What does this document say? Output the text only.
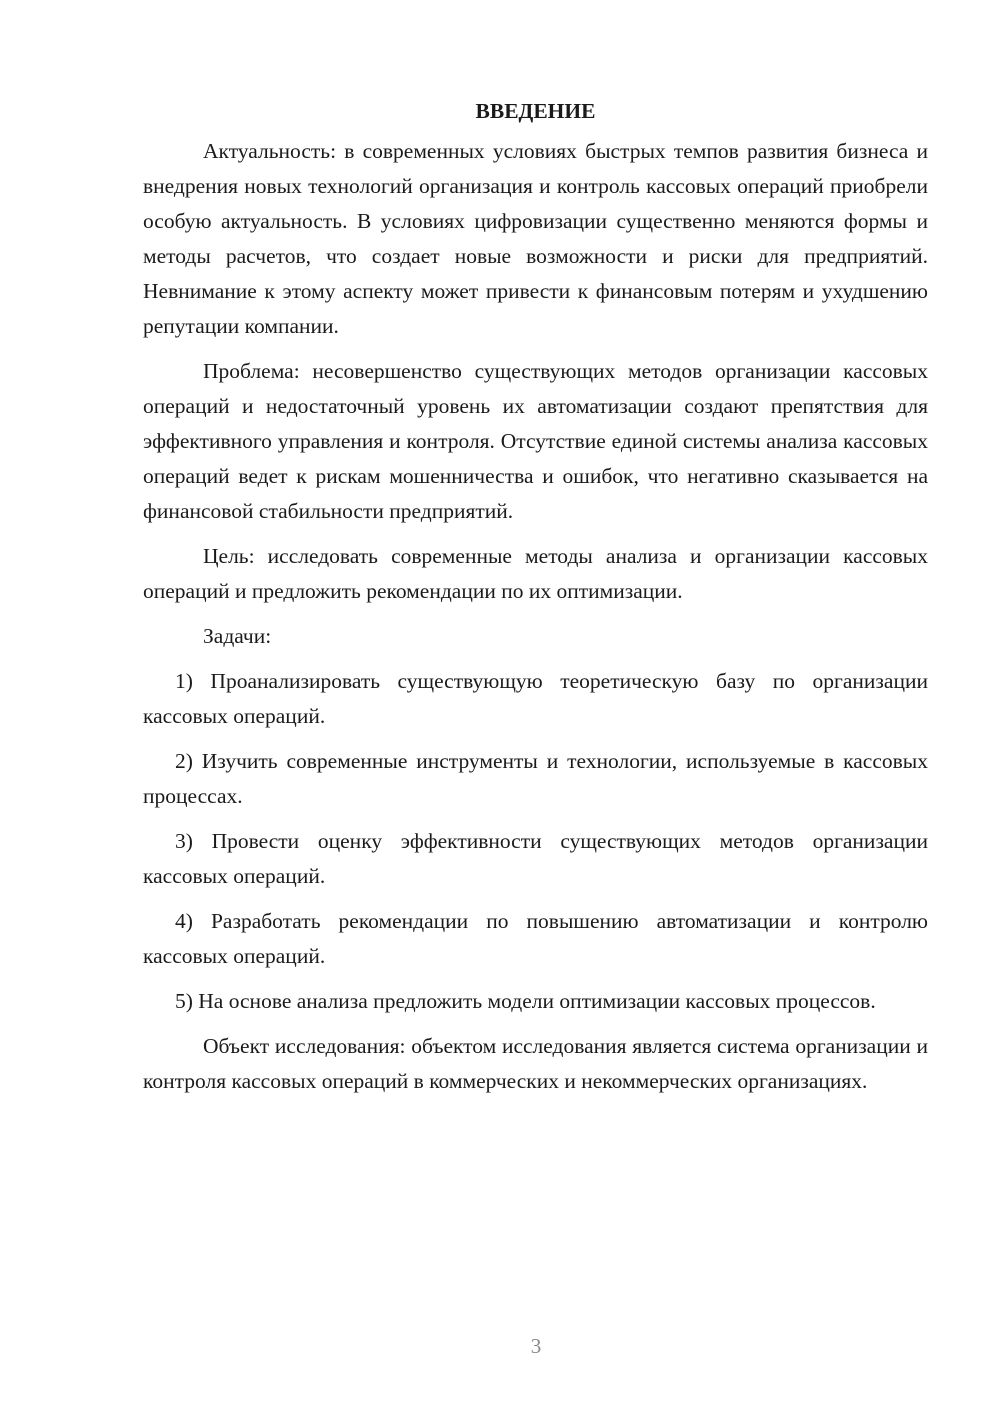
ВВЕДЕНИЕ

Актуальность: в современных условиях быстрых темпов развития бизнеса и внедрения новых технологий организация и контроль кассовых операций приобрели особую актуальность. В условиях цифровизации существенно меняются формы и методы расчетов, что создает новые возможности и риски для предприятий. Невнимание к этому аспекту может привести к финансовым потерям и ухудшению репутации компании.

Проблема: несовершенство существующих методов организации кассовых операций и недостаточный уровень их автоматизации создают препятствия для эффективного управления и контроля. Отсутствие единой системы анализа кассовых операций ведет к рискам мошенничества и ошибок, что негативно сказывается на финансовой стабильности предприятий.

Цель: исследовать современные методы анализа и организации кассовых операций и предложить рекомендации по их оптимизации.

Задачи:

1) Проанализировать существующую теоретическую базу по организации кассовых операций.

2) Изучить современные инструменты и технологии, используемые в кассовых процессах.

3) Провести оценку эффективности существующих методов организации кассовых операций.

4) Разработать рекомендации по повышению автоматизации и контролю кассовых операций.

5) На основе анализа предложить модели оптимизации кассовых процессов.

Объект исследования: объектом исследования является система организации и контроля кассовых операций в коммерческих и некоммерческих организациях.

3
